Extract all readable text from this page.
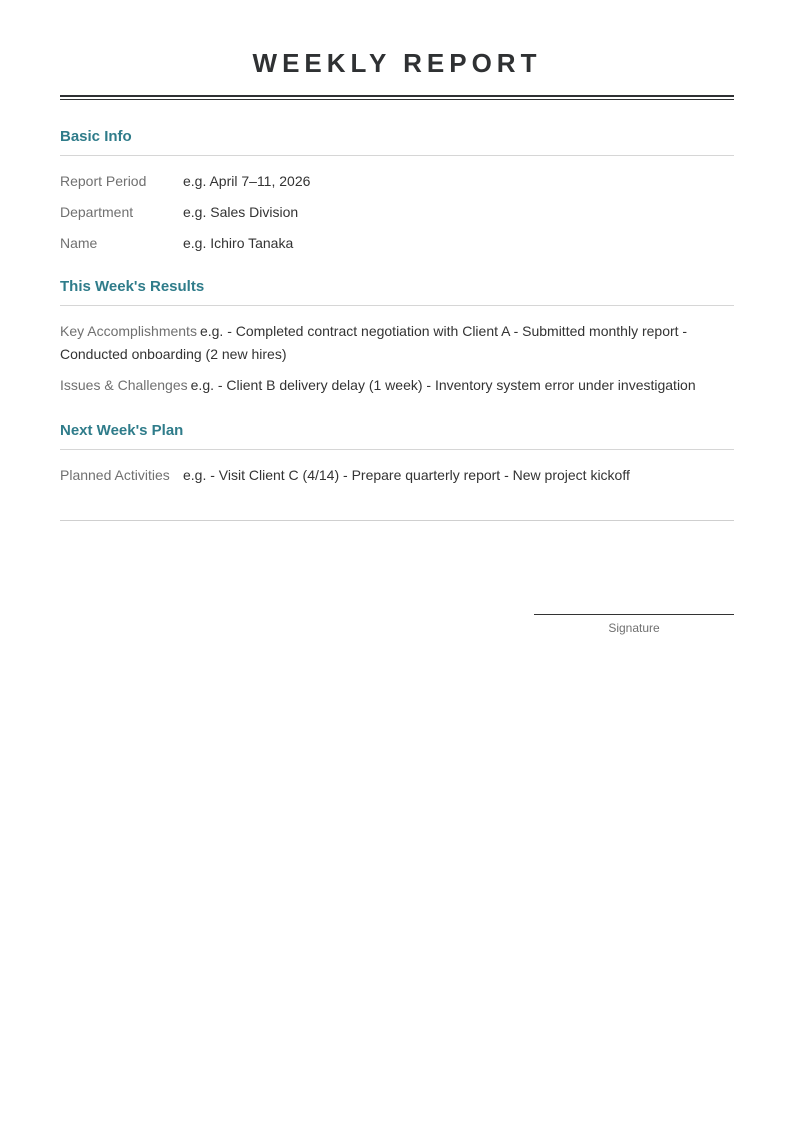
WEEKLY REPORT
Basic Info
Report Period	e.g. April 7–11, 2026
Department	e.g. Sales Division
Name	e.g. Ichiro Tanaka
This Week's Results
Key Accomplishments e.g. - Completed contract negotiation with Client A - Submitted monthly report - Conducted onboarding (2 new hires)
Issues & Challenges e.g. - Client B delivery delay (1 week) - Inventory system error under investigation
Next Week's Plan
Planned Activities e.g. - Visit Client C (4/14) - Prepare quarterly report - New project kickoff
Signature
